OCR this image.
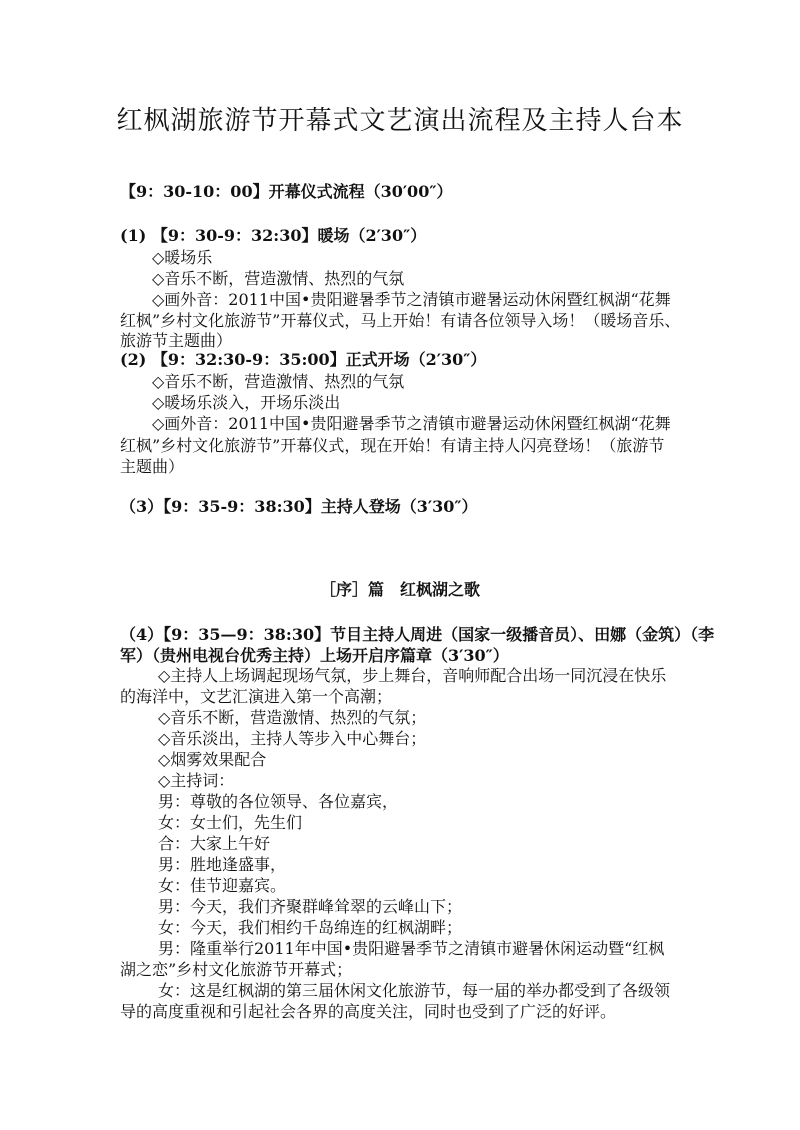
红枫湖旅游节开幕式文艺演出流程及主持人台本
【9：30-10：00】开幕仪式流程（30′00″）
(1) 【9：30-9：32:30】暖场（2′30″）
◇暖场乐
◇音乐不断，营造激情、热烈的气氛
◇画外音：2011中国•贵阳避暑季节之清镇市避暑运动休闲暨红枫湖“花舞
红枫”乡村文化旅游节”开幕仪式，马上开始！有请各位领导入场！（暖场音乐、
旅游节主题曲）
(2) 【9：32:30-9：35:00】正式开场（2′30″）
◇音乐不断，营造激情、热烈的气氛
◇暖场乐淡入，开场乐淡出
◇画外音：2011中国•贵阳避暑季节之清镇市避暑运动休闲暨红枫湖“花舞
红枫”乡村文化旅游节”开幕仪式，现在开始！有请主持人闪亮登场！（旅游节
主题曲）
（3）【9：35-9：38:30】主持人登场（3′30″）
［序］篇　红枫湖之歌
（4）【9：35—9：38:30】节目主持人周进（国家一级播音员）、田娜（金筑）（李
军）（贵州电视台优秀主持）上场开启序篇章（3′30″）
◇主持人上场调起现场气氛，步上舞台，音响师配合出场一同沉浸在快乐
的海洋中，文艺汇演进入第一个高潮；
◇音乐不断，营造激情、热烈的气氛；
◇音乐淡出，主持人等步入中心舞台；
◇烟雾效果配合
◇主持词：
男：尊敬的各位领导、各位嘉宾，
女：女士们，先生们
合：大家上午好
男：胜地逢盛事，
女：佳节迎嘉宾。
男：今天，我们齐聚群峰耸翠的云峰山下；
女：今天，我们相约千岛绵连的红枫湖畔；
男：隆重举行2011年中国•贵阳避暑季节之清镇市避暑休闲运动暨“红枫
湖之恋”乡村文化旅游节开幕式；
女：这是红枫湖的第三届休闲文化旅游节，每一届的举办都受到了各级领
导的高度重视和引起社会各界的高度关注，同时也受到了广泛的好评。
